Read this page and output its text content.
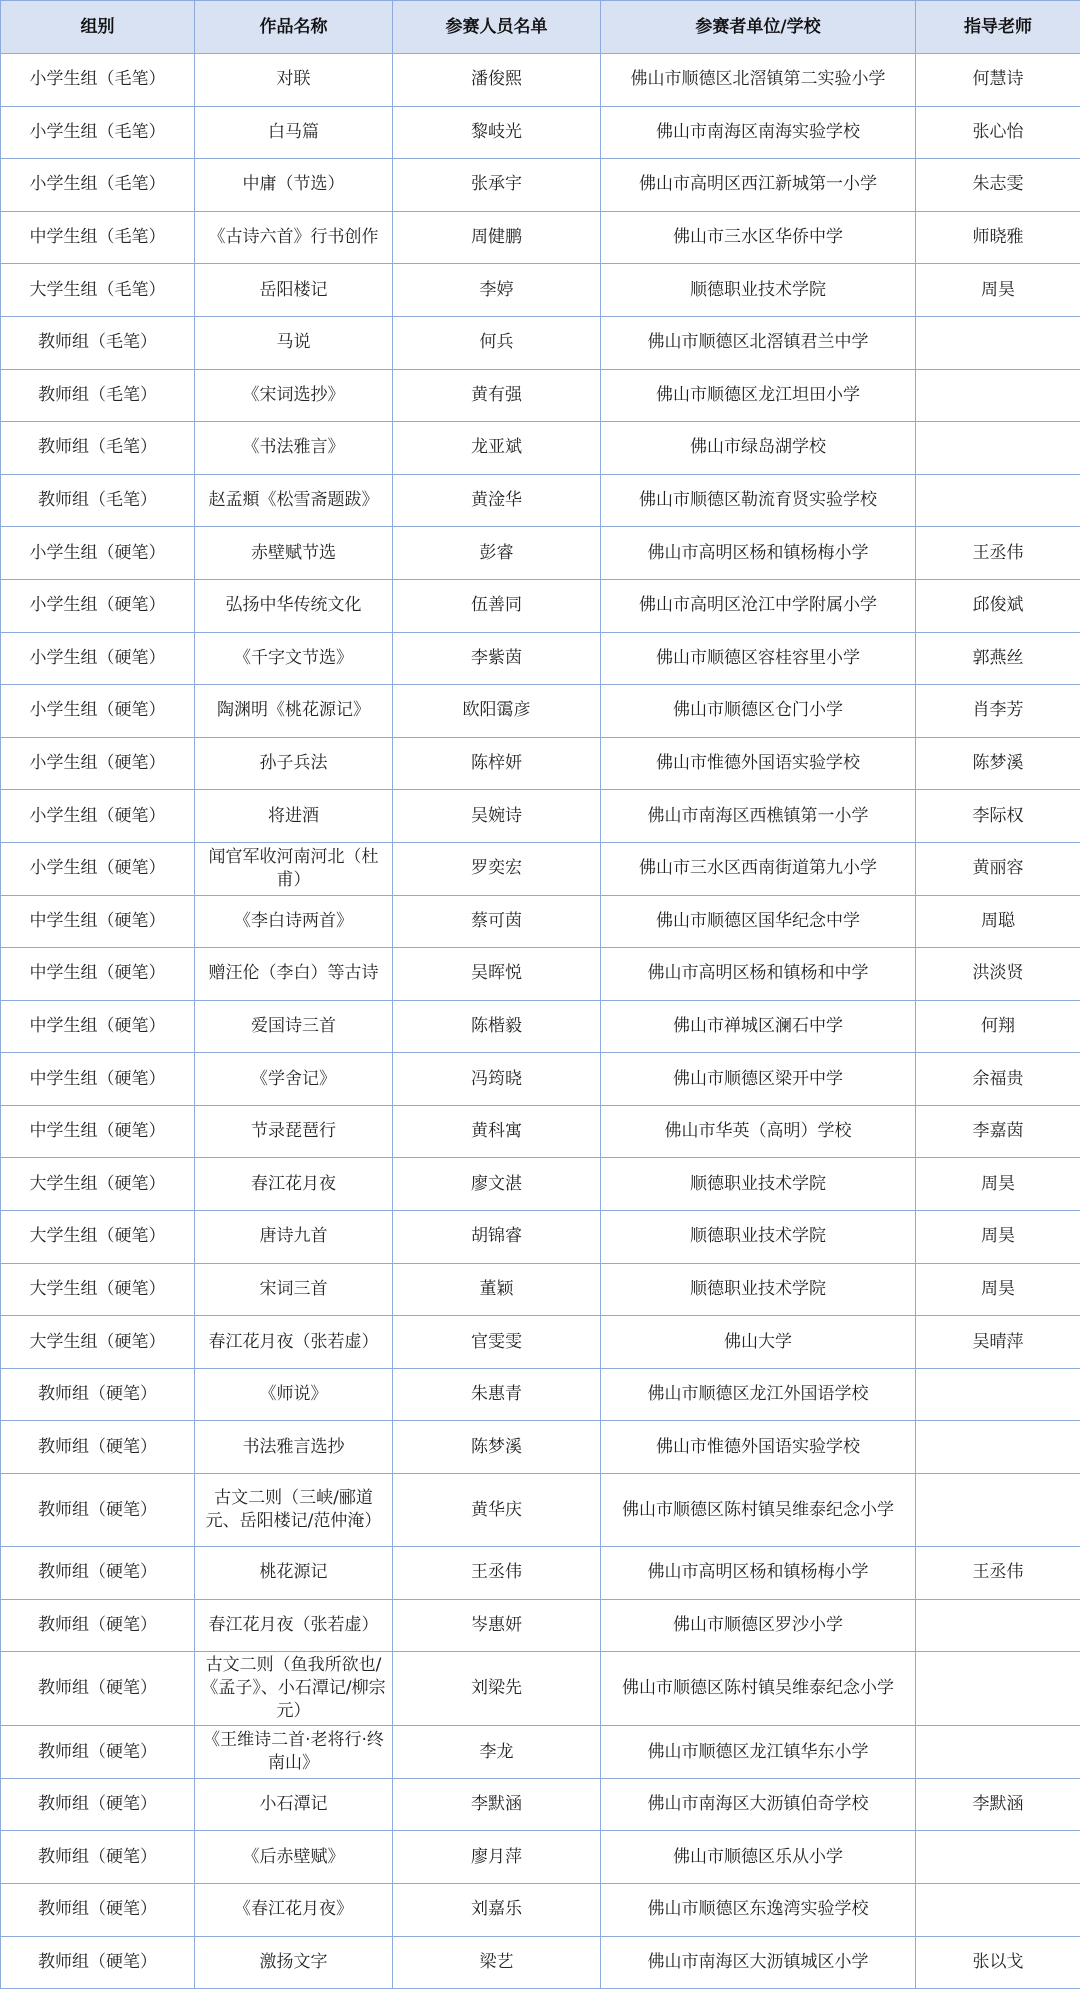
组别	作品名称	参赛人员名单	参赛者单位/学校	指导老师
小学生组（毛笔）	对联	潘俊熙	佛山市顺德区北滘镇第二实验小学	何慧诗
小学生组（毛笔）	白马篇	黎岐光	佛山市南海区南海实验学校	张心怡
小学生组（毛笔）	中庸（节选）	张承宇	佛山市高明区西江新城第一小学	朱志雯
中学生组（毛笔）	《古诗六首》行书创作	周健鹏	佛山市三水区华侨中学	师晓雅
大学生组（毛笔）	岳阳楼记	李婷	顺德职业技术学院	周昊
教师组（毛笔）	马说	何兵	佛山市顺德区北滘镇君兰中学	
教师组（毛笔）	《宋词选抄》	黄有强	佛山市顺德区龙江坦田小学	
教师组（毛笔）	《书法雅言》	龙亚斌	佛山市绿岛湖学校	
教师组（毛笔）	赵孟頫《松雪斋题跋》	黄淦华	佛山市顺德区勒流育贤实验学校	
小学生组（硬笔）	赤壁赋节选	彭睿	佛山市高明区杨和镇杨梅小学	王丞伟
小学生组（硬笔）	弘扬中华传统文化	伍善同	佛山市高明区沧江中学附属小学	邱俊斌
小学生组（硬笔）	《千字文节选》	李紫茵	佛山市顺德区容桂容里小学	郭燕丝
小学生组（硬笔）	陶渊明《桃花源记》	欧阳霭彦	佛山市顺德区仓门小学	肖李芳
小学生组（硬笔）	孙子兵法	陈梓妍	佛山市惟德外国语实验学校	陈梦溪
小学生组（硬笔）	将进酒	吴婉诗	佛山市南海区西樵镇第一小学	李际权
小学生组（硬笔）	闻官军收河南河北（杜甫）	罗奕宏	佛山市三水区西南街道第九小学	黄丽容
中学生组（硬笔）	《李白诗两首》	蔡可茵	佛山市顺德区国华纪念中学	周聪
中学生组（硬笔）	赠汪伦（李白）等古诗	吴晖悦	佛山市高明区杨和镇杨和中学	洪淡贤
中学生组（硬笔）	爱国诗三首	陈楷毅	佛山市禅城区澜石中学	何翔
中学生组（硬笔）	《学舍记》	冯筠晓	佛山市顺德区梁开中学	余福贵
中学生组（硬笔）	节录琵琶行	黄科寓	佛山市华英（高明）学校	李嘉茵
大学生组（硬笔）	春江花月夜	廖文湛	顺德职业技术学院	周昊
大学生组（硬笔）	唐诗九首	胡锦睿	顺德职业技术学院	周昊
大学生组（硬笔）	宋词三首	董颖	顺德职业技术学院	周昊
大学生组（硬笔）	春江花月夜（张若虚）	官雯雯	佛山大学	吴晴萍
教师组（硬笔）	《师说》	朱惠青	佛山市顺德区龙江外国语学校	
教师组（硬笔）	书法雅言选抄	陈梦溪	佛山市惟德外国语实验学校	
教师组（硬笔）	古文二则（三峡/郦道元、岳阳楼记/范仲淹）	黄华庆	佛山市顺德区陈村镇吴维泰纪念小学	
教师组（硬笔）	桃花源记	王丞伟	佛山市高明区杨和镇杨梅小学	王丞伟
教师组（硬笔）	春江花月夜（张若虚）	岑惠妍	佛山市顺德区罗沙小学	
教师组（硬笔）	古文二则（鱼我所欲也/《孟子》、小石潭记/柳宗元）	刘梁先	佛山市顺德区陈村镇吴维泰纪念小学	
教师组（硬笔）	《王维诗二首·老将行·终南山》	李龙	佛山市顺德区龙江镇华东小学	
教师组（硬笔）	小石潭记	李默涵	佛山市南海区大沥镇伯奇学校	李默涵
教师组（硬笔）	《后赤壁赋》	廖月萍	佛山市顺德区乐从小学	
教师组（硬笔）	《春江花月夜》	刘嘉乐	佛山市顺德区东逸湾实验学校	
教师组（硬笔）	激扬文字	梁艺	佛山市南海区大沥镇城区小学	张以戈
